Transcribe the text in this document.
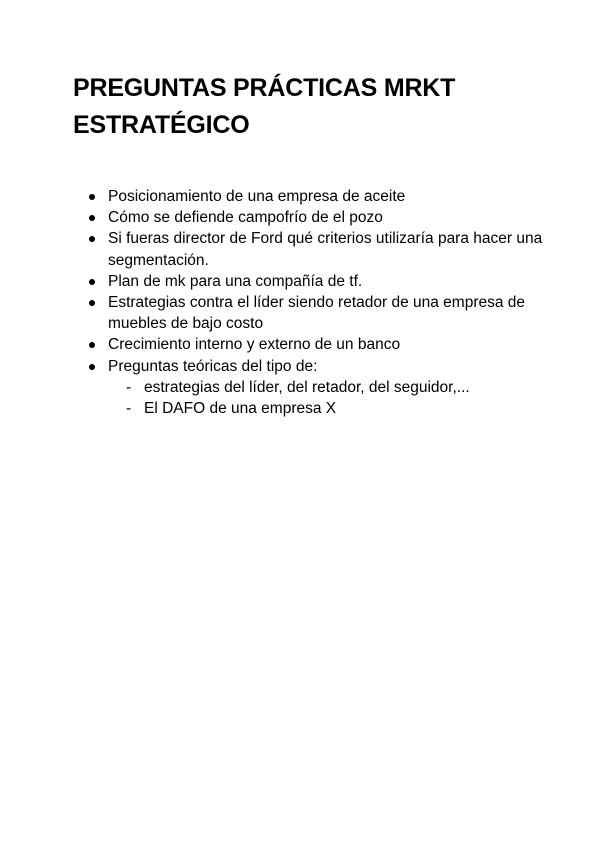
PREGUNTAS PRÁCTICAS MRKT ESTRATÉGICO
Posicionamiento de una empresa de aceite
Cómo se defiende campofrío de el pozo
Si fueras director de Ford qué criterios utilizaría para hacer una segmentación.
Plan de mk para una compañía de tf.
Estrategias contra el líder siendo retador de una empresa de muebles de bajo costo
Crecimiento interno y externo de un banco
Preguntas teóricas del tipo de:
- estrategias del líder, del retador, del seguidor,...
- El DAFO de una empresa X
